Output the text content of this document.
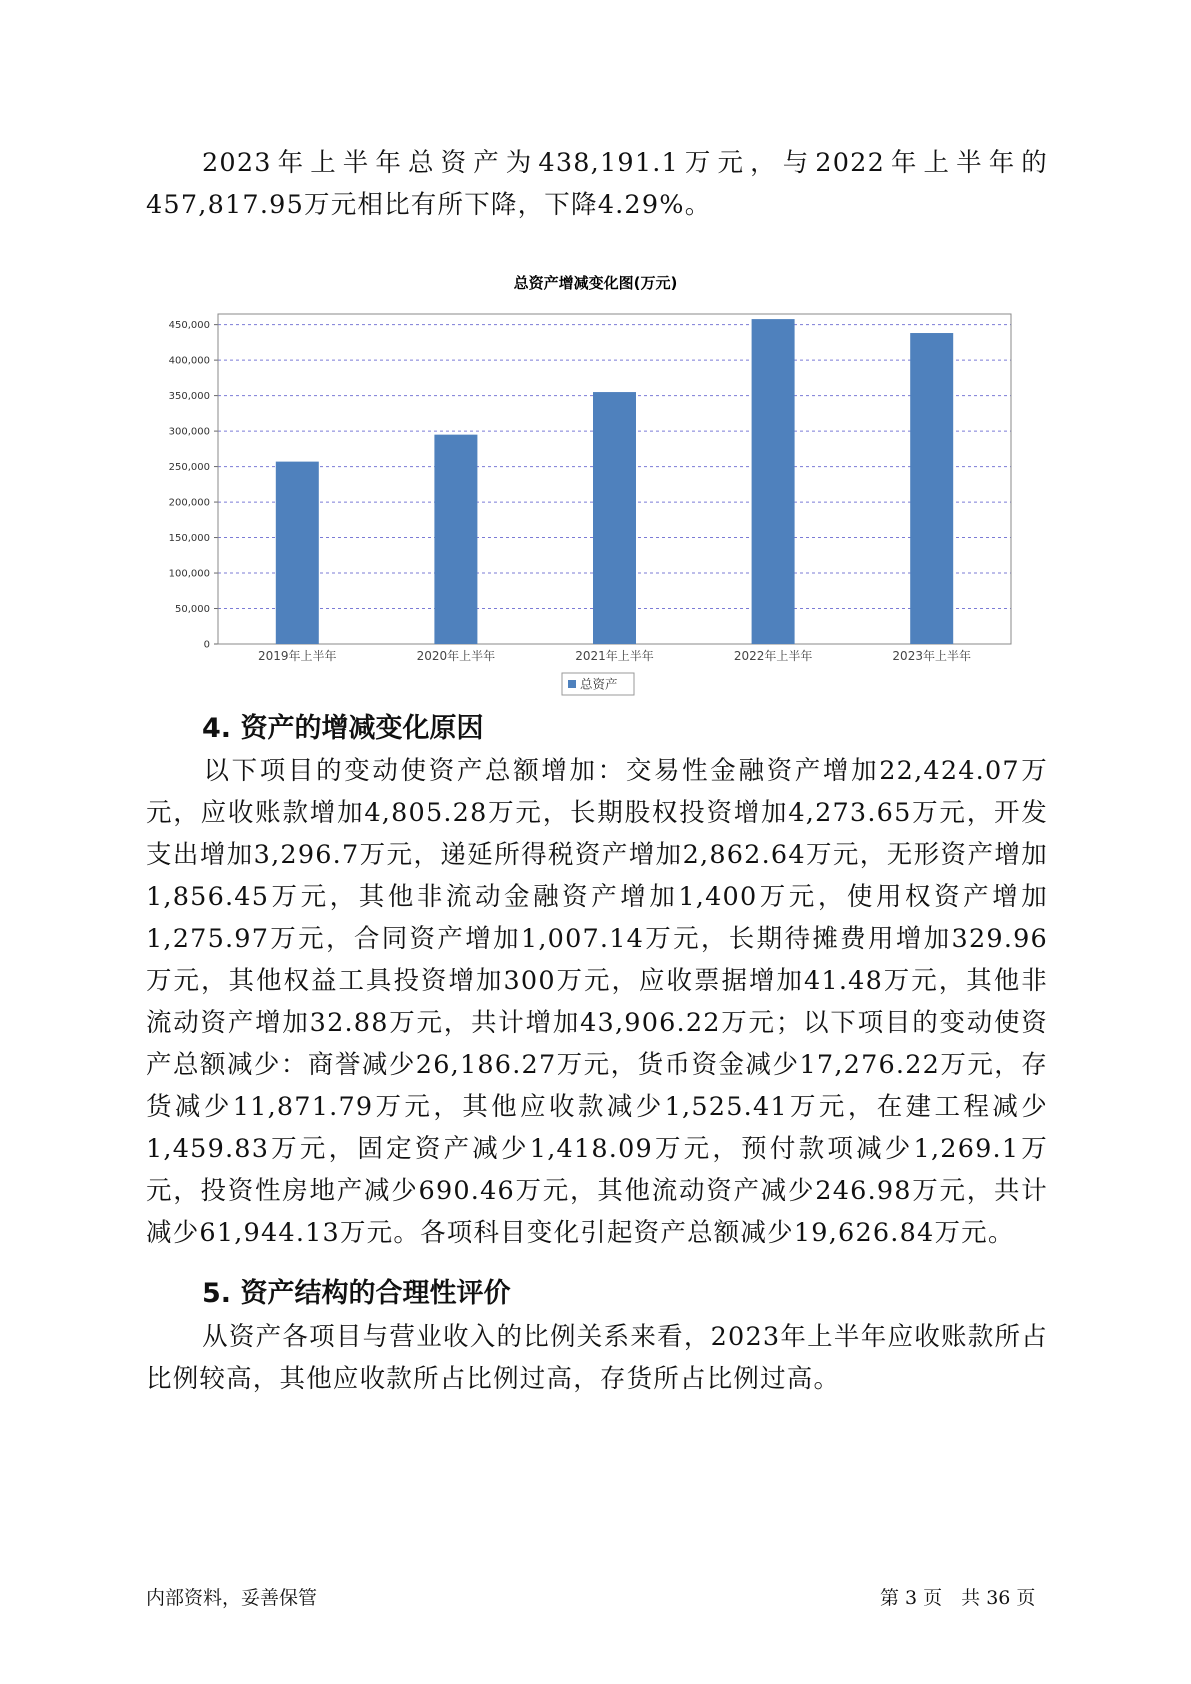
2023年上半年总资产为438,191.1万元，与2022年上半年的457,817.95万元相比有所下降，下降4.29%。

总资产增减变化图(万元)
0
50,000
100,000
150,000
200,000
250,000
300,000
350,000
400,000
450,000
2019年上半年	2020年上半年	2021年上半年	2022年上半年	2023年上半年
总资产
4. 资产的增减变化原因

以下项目的变动使资产总额增加：交易性金融资产增加22,424.07万元，应收账款增加4,805.28万元，长期股权投资增加4,273.65万元，开发支出增加3,296.7万元，递延所得税资产增加2,862.64万元，无形资产增加1,856.45万元，其他非流动金融资产增加1,400万元，使用权资产增加1,275.97万元，合同资产增加1,007.14万元，长期待摊费用增加329.96万元，其他权益工具投资增加300万元，应收票据增加41.48万元，其他非流动资产增加32.88万元，共计增加43,906.22万元；以下项目的变动使资产总额减少：商誉减少26,186.27万元，货币资金减少17,276.22万元，存货减少11,871.79万元，其他应收款减少1,525.41万元，在建工程减少1,459.83万元，固定资产减少1,418.09万元，预付款项减少1,269.1万元，投资性房地产减少690.46万元，其他流动资产减少246.98万元，共计减少61,944.13万元。各项科目变化引起资产总额减少19,626.84万元。

5. 资产结构的合理性评价

从资产各项目与营业收入的比例关系来看，2023年上半年应收账款所占比例较高，其他应收款所占比例过高，存货所占比例过高。

内部资料，妥善保管	第 3 页　共 36 页
